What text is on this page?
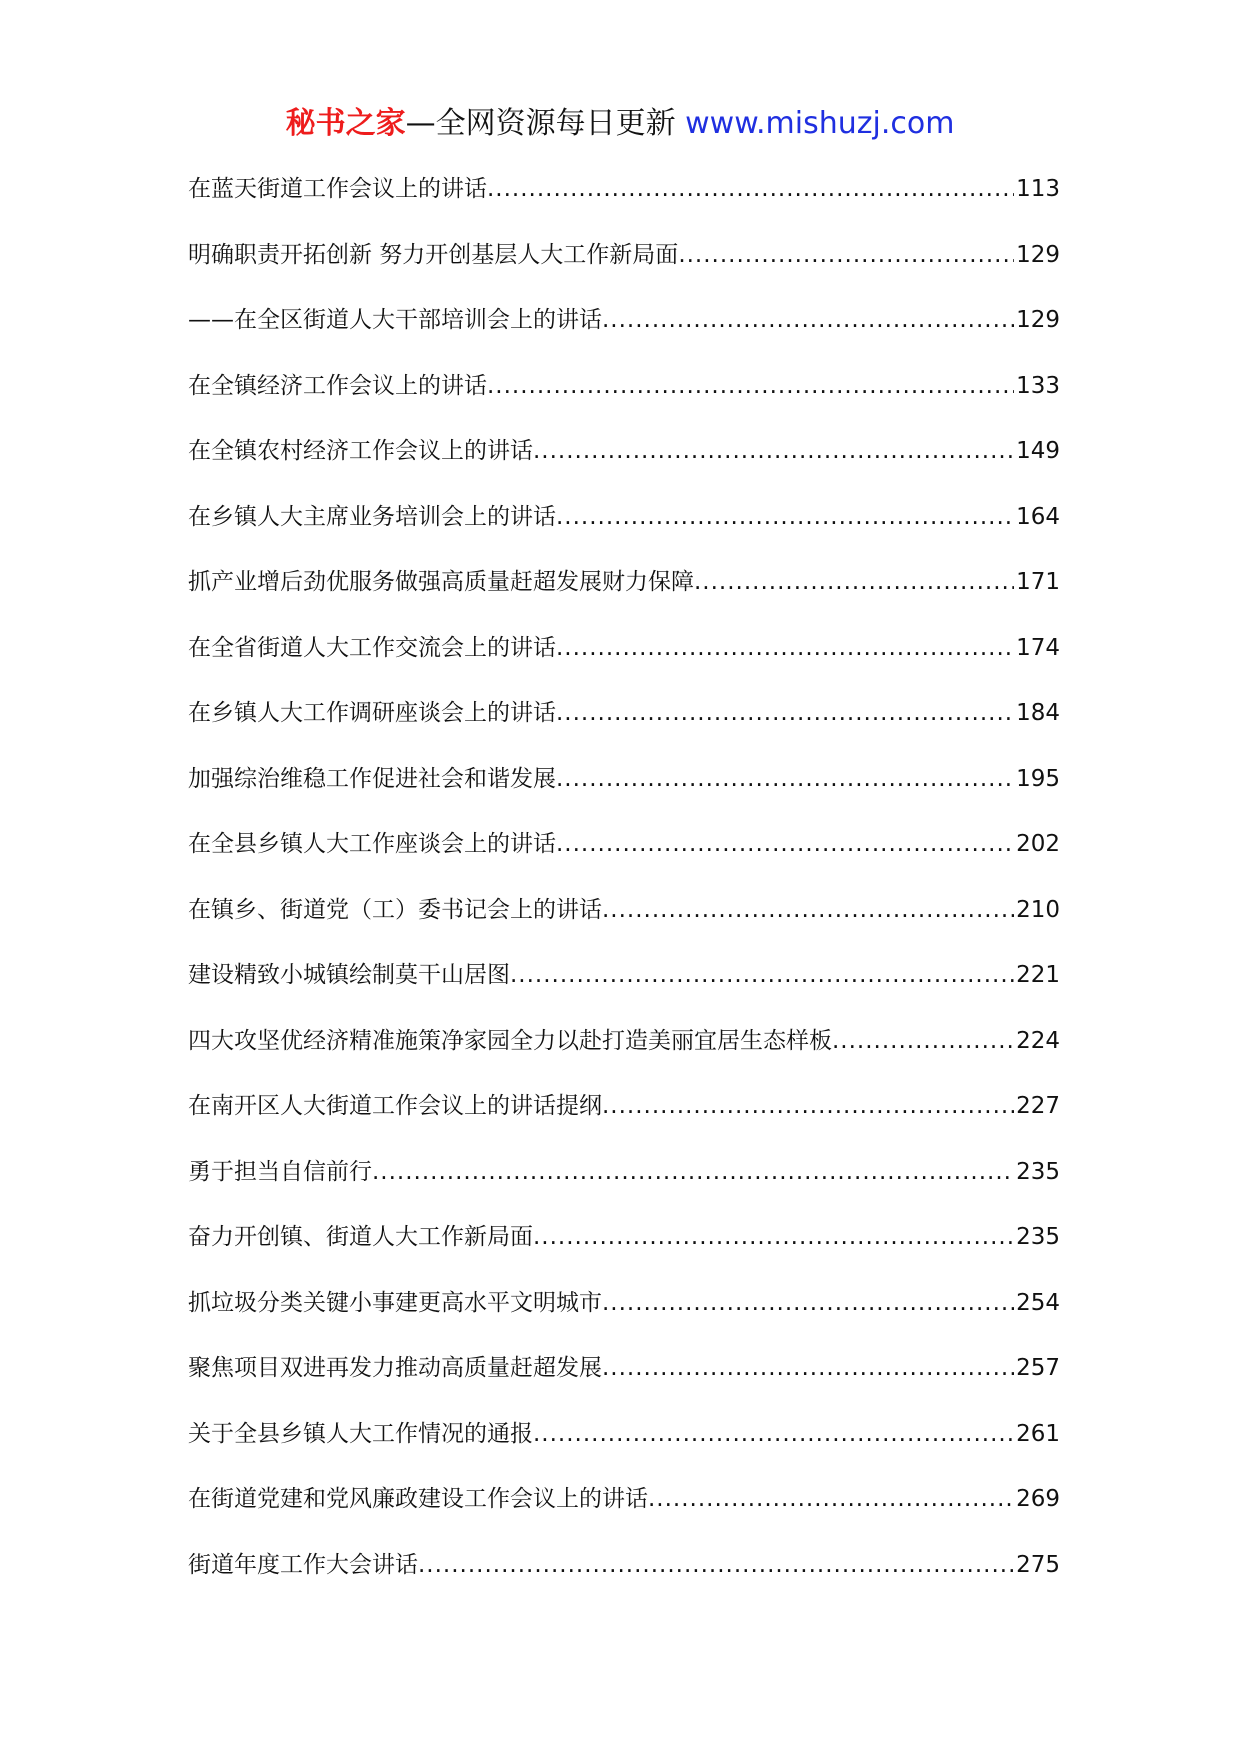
秘书之家—全网资源每日更新 www.mishuzj.com
在蓝天街道工作会议上的讲话 .....	113
明确职责开拓创新 努力开创基层人大工作新局面 .....	129
——在全区街道人大干部培训会上的讲话 .....	129
在全镇经济工作会议上的讲话 .....	133
在全镇农村经济工作会议上的讲话 .....	149
在乡镇人大主席业务培训会上的讲话 .....	164
抓产业增后劲优服务做强高质量赶超发展财力保障 .....	171
在全省街道人大工作交流会上的讲话 .....	174
在乡镇人大工作调研座谈会上的讲话 .....	184
加强综治维稳工作促进社会和谐发展 .....	195
在全县乡镇人大工作座谈会上的讲话 .....	202
在镇乡、街道党（工）委书记会上的讲话 .....	210
建设精致小城镇绘制莫干山居图 .....	221
四大攻坚优经济精准施策净家园全力以赴打造美丽宜居生态样板 .....	224
在南开区人大街道工作会议上的讲话提纲 .....	227
勇于担当自信前行 .....	235
奋力开创镇、街道人大工作新局面 .....	235
抓垃圾分类关键小事建更高水平文明城市 .....	254
聚焦项目双进再发力推动高质量赶超发展 .....	257
关于全县乡镇人大工作情况的通报 .....	261
在街道党建和党风廉政建设工作会议上的讲话 .....	269
街道年度工作大会讲话 .....	275
